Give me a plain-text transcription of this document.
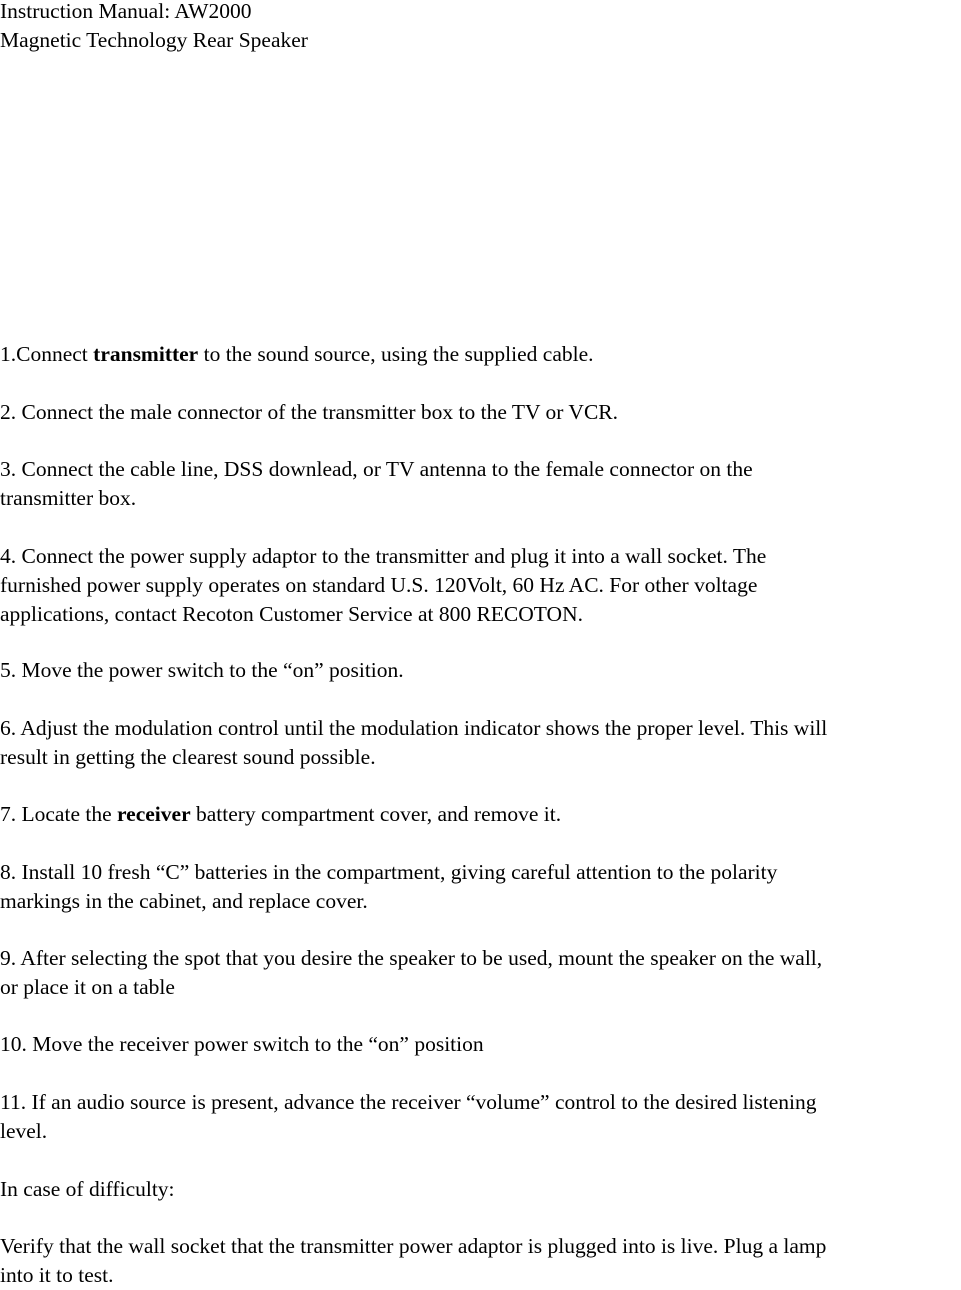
Instruction Manual: AW2000
Magnetic Technology Rear Speaker
1.Connect transmitter to the sound source, using the supplied cable.
2. Connect the male connector of the transmitter box to the TV or VCR.
3. Connect the cable line, DSS downlead, or TV antenna to the female connector on the
transmitter box.
4. Connect the power supply adaptor to the transmitter and plug it into a wall socket. The
furnished power supply operates on standard U.S. 120Volt, 60 Hz AC. For other voltage
applications, contact Recoton Customer Service at 800 RECOTON.
5. Move the power switch to the “on” position.
6. Adjust the modulation control until the modulation indicator shows the proper level. This will
result in getting the clearest sound possible.
7. Locate the receiver battery compartment cover, and remove it.
8. Install 10 fresh “C” batteries in the compartment, giving careful attention to the polarity
markings in the cabinet, and replace cover.
9. After selecting the spot that you desire the speaker to be used, mount the speaker on the wall,
or place it on a table
10. Move the receiver power switch to the “on” position
11. If an audio source is present, advance the receiver “volume” control to the desired listening
level.
In case of difficulty:
Verify that the wall socket that the transmitter power adaptor is plugged into is live. Plug a lamp
into it to test.
